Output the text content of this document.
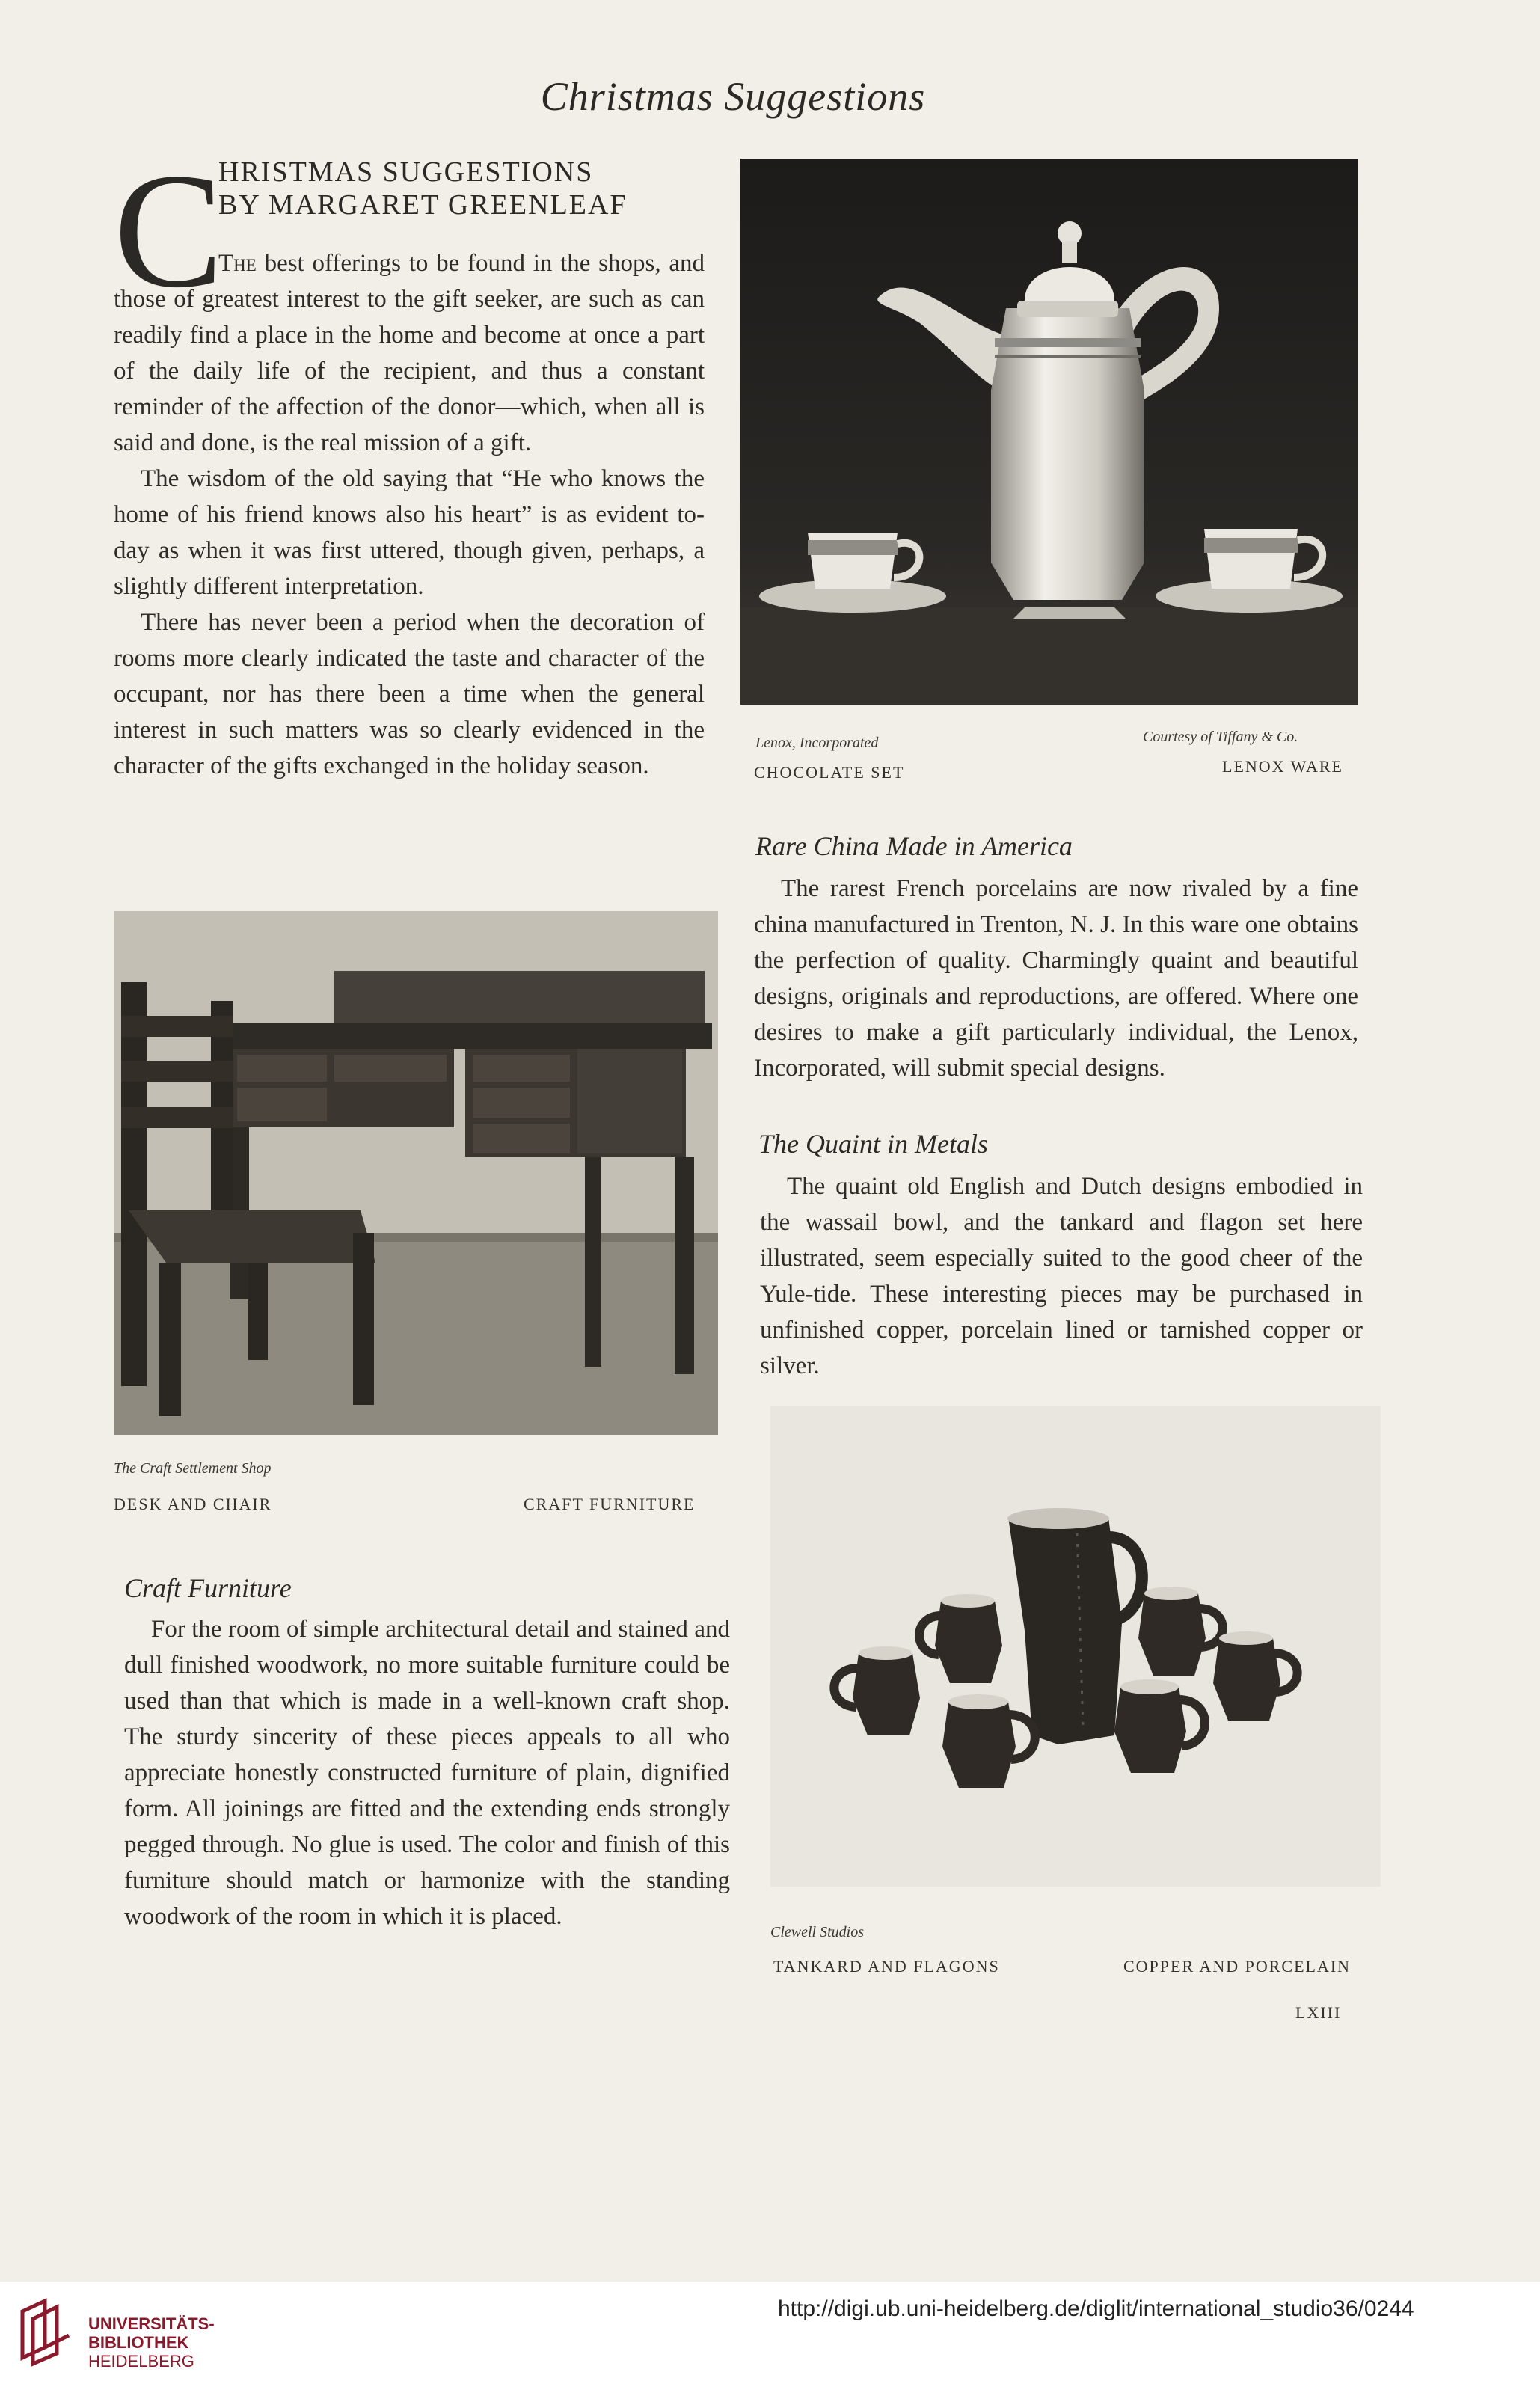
Christmas Suggestions
C
HRISTMAS SUGGESTIONS
BY MARGARET GREENLEAF

The best offerings to be found in the shops, and those of greatest interest to the gift seeker, are such as can readily find a place in the home and become at once a part of the daily life of the recipient, and thus a constant reminder of the affection of the donor—which, when all is said and done, is the real mission of a gift.

The wisdom of the old saying that “He who knows the home of his friend knows also his heart” is as evident to-day as when it was first uttered, though given, perhaps, a slightly different interpretation.

There has never been a period when the decoration of rooms more clearly indicated the taste and character of the occupant, nor has there been a time when the general interest in such matters was so clearly evidenced in the character of the gifts exchanged in the holiday season.

Lenox, Incorporated	Courtesy of Tiffany & Co.
CHOCOLATE SET	LENOX WARE
Rare China Made in America

The rarest French porcelains are now rivaled by a fine china manufactured in Trenton, N. J. In this ware one obtains the perfection of quality. Charmingly quaint and beautiful designs, originals and reproductions, are offered. Where one desires to make a gift particularly individual, the Lenox, Incorporated, will submit special designs.

The Quaint in Metals

The quaint old English and Dutch designs embodied in the wassail bowl, and the tankard and flagon set here illustrated, seem especially suited to the good cheer of the Yule-tide. These interesting pieces may be purchased in unfinished copper, porcelain lined or tarnished copper or silver.

The Craft Settlement Shop
DESK AND CHAIR	CRAFT FURNITURE
Craft Furniture

For the room of simple architectural detail and stained and dull finished woodwork, no more suitable furniture could be used than that which is made in a well-known craft shop. The sturdy sincerity of these pieces appeals to all who appreciate honestly constructed furniture of plain, dignified form. All joinings are fitted and the extending ends strongly pegged through. No glue is used. The color and finish of this furniture should match or harmonize with the standing woodwork of the room in which it is placed.

Clewell Studios
TANKARD AND FLAGONS	COPPER AND PORCELAIN
LXIII
UNIVERSITÄTS-
BIBLIOTHEK
HEIDELBERG
http://digi.ub.uni-heidelberg.de/diglit/international_studio36/0244
